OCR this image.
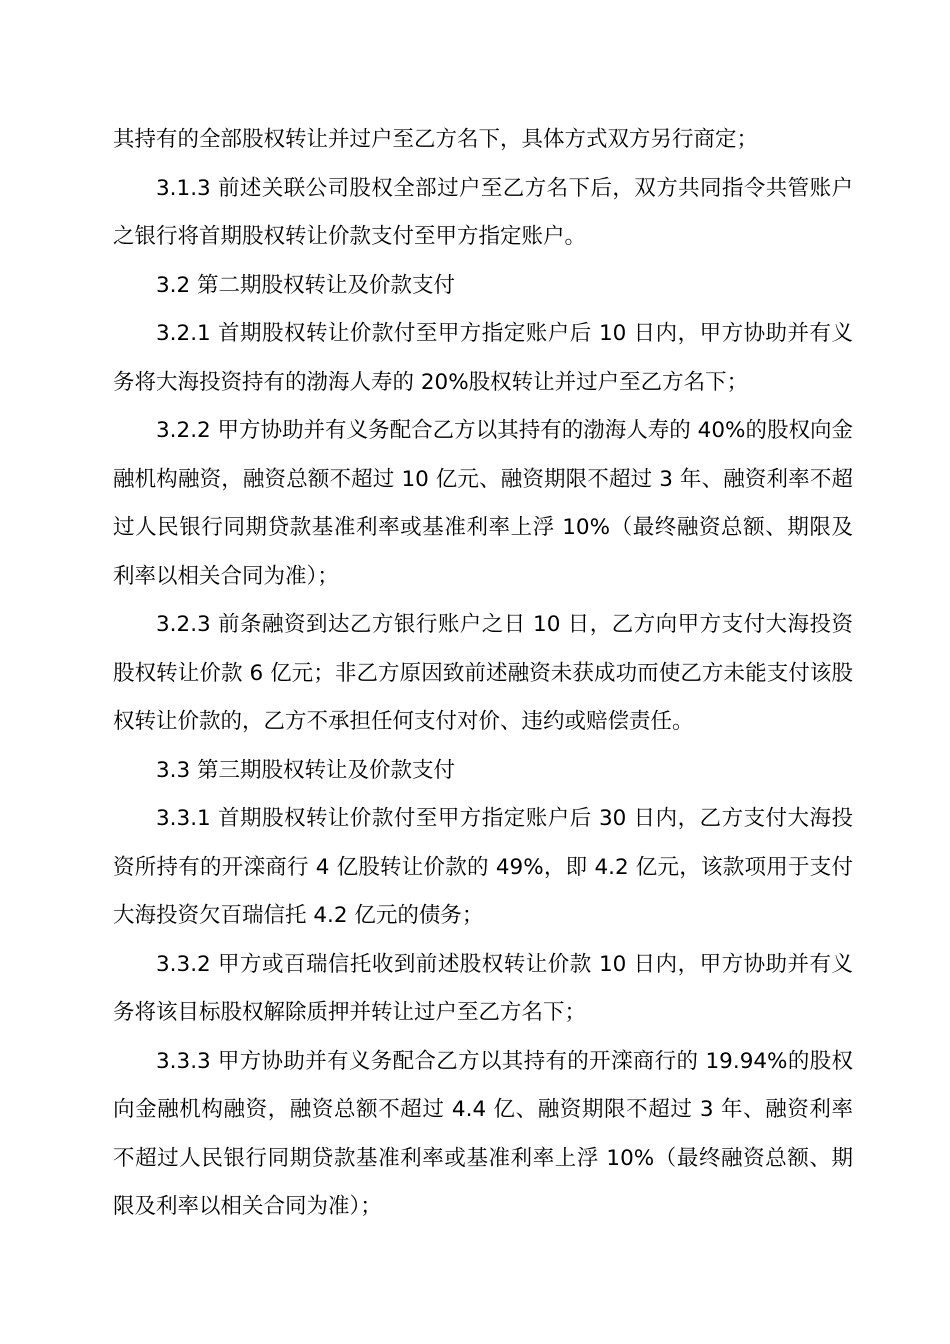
其持有的全部股权转让并过户至乙方名下，具体方式双方另行商定；

3.1.3 前述关联公司股权全部过户至乙方名下后，双方共同指令共管账户之银行将首期股权转让价款支付至甲方指定账户。

3.2 第二期股权转让及价款支付

3.2.1 首期股权转让价款付至甲方指定账户后 10 日内，甲方协助并有义务将大海投资持有的渤海人寿的 20%股权转让并过户至乙方名下；

3.2.2 甲方协助并有义务配合乙方以其持有的渤海人寿的 40%的股权向金融机构融资，融资总额不超过 10 亿元、融资期限不超过 3 年、融资利率不超过人民银行同期贷款基准利率或基准利率上浮 10%（最终融资总额、期限及利率以相关合同为准）；

3.2.3 前条融资到达乙方银行账户之日 10 日，乙方向甲方支付大海投资股权转让价款 6 亿元；非乙方原因致前述融资未获成功而使乙方未能支付该股权转让价款的，乙方不承担任何支付对价、违约或赔偿责任。

3.3 第三期股权转让及价款支付

3.3.1 首期股权转让价款付至甲方指定账户后 30 日内，乙方支付大海投资所持有的开滦商行 4 亿股转让价款的 49%，即 4.2 亿元，该款项用于支付大海投资欠百瑞信托 4.2 亿元的债务；

3.3.2 甲方或百瑞信托收到前述股权转让价款 10 日内，甲方协助并有义务将该目标股权解除质押并转让过户至乙方名下；

3.3.3 甲方协助并有义务配合乙方以其持有的开滦商行的 19.94%的股权向金融机构融资，融资总额不超过 4.4 亿、融资期限不超过 3 年、融资利率不超过人民银行同期贷款基准利率或基准利率上浮 10%（最终融资总额、期限及利率以相关合同为准）；
